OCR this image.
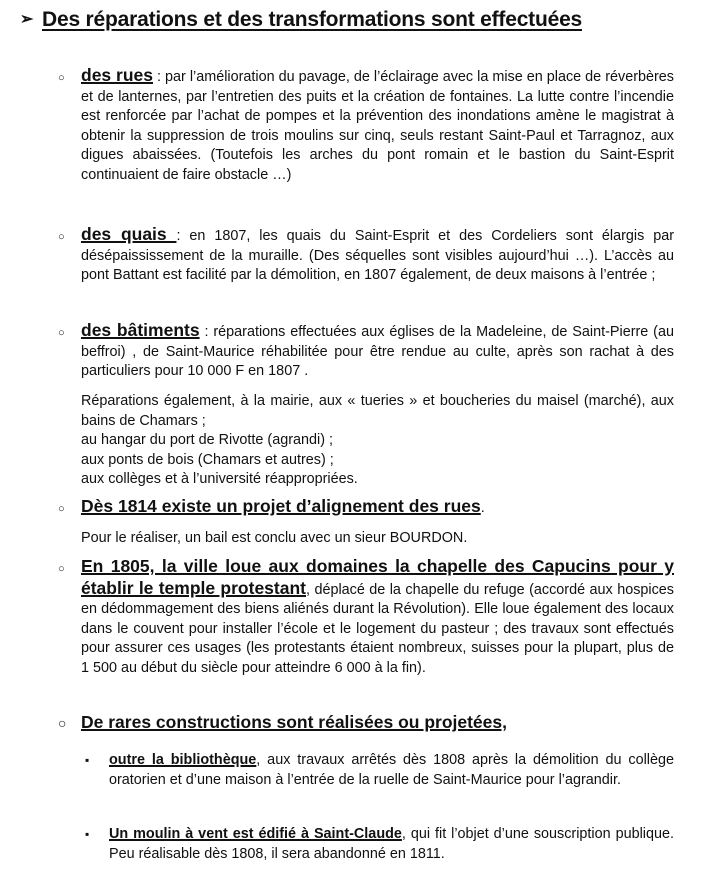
➢ Des réparations et des transformations sont effectuées
○ des rues : par l’amélioration du pavage, de l’éclairage avec la mise en place de réverbères et de lanternes, par l’entretien des puits et la création de fontaines. La lutte contre l’incendie est renforcée par l’achat de pompes et la prévention des inondations amène le magistrat à obtenir la suppression de trois moulins sur cinq, seuls restant Saint-Paul et Tarragnoz, aux digues abaissées. (Toutefois les arches du pont romain et le bastion du Saint-Esprit continuaient de faire obstacle …)
○ des quais : en 1807, les quais du Saint-Esprit et des Cordeliers sont élargis par désépaississement de la muraille. (Des séquelles sont visibles aujourd’hui …). L’accès au pont Battant est facilité par la démolition, en 1807 également, de deux maisons à l’entrée ;
○ des bâtiments : réparations effectuées aux églises de la Madeleine, de Saint-Pierre (au beffroi) , de Saint-Maurice réhabilitée pour être rendue au culte, après son rachat à des particuliers pour 10 000 F en 1807 .
Réparations également, à la mairie, aux « tueries » et boucheries du maisel (marché), aux bains de Chamars ;
au hangar du port de Rivotte (agrandi) ;
aux ponts de bois (Chamars et autres) ;
aux collèges et à l’université réappropriées.
○ Dès 1814 existe un projet d’alignement des rues.
Pour le réaliser, un bail est conclu avec un sieur BOURDON.
○ En 1805, la ville loue aux domaines la chapelle des Capucins pour y établir le temple protestant, déplacé de la chapelle du refuge (accordé aux hospices en dédommagement des biens aliénés durant la Révolution). Elle loue également des locaux dans le couvent pour installer l’école et le logement du pasteur ; des travaux sont effectués pour assurer ces usages (les protestants étaient nombreux, suisses pour la plupart, plus de 1 500 au début du siècle pour atteindre 6 000 à la fin).
○ De rares constructions sont réalisées ou projetées,
▪ outre la bibliothèque, aux travaux arrêtés dès 1808 après la démolition du collège oratorien et d’une maison à l’entrée de la ruelle de Saint-Maurice pour l’agrandir.
▪ Un moulin à vent est édifié à Saint-Claude, qui fit l’objet d’une souscription publique. Peu réalisable dès 1808, il sera abandonné en 1811.
